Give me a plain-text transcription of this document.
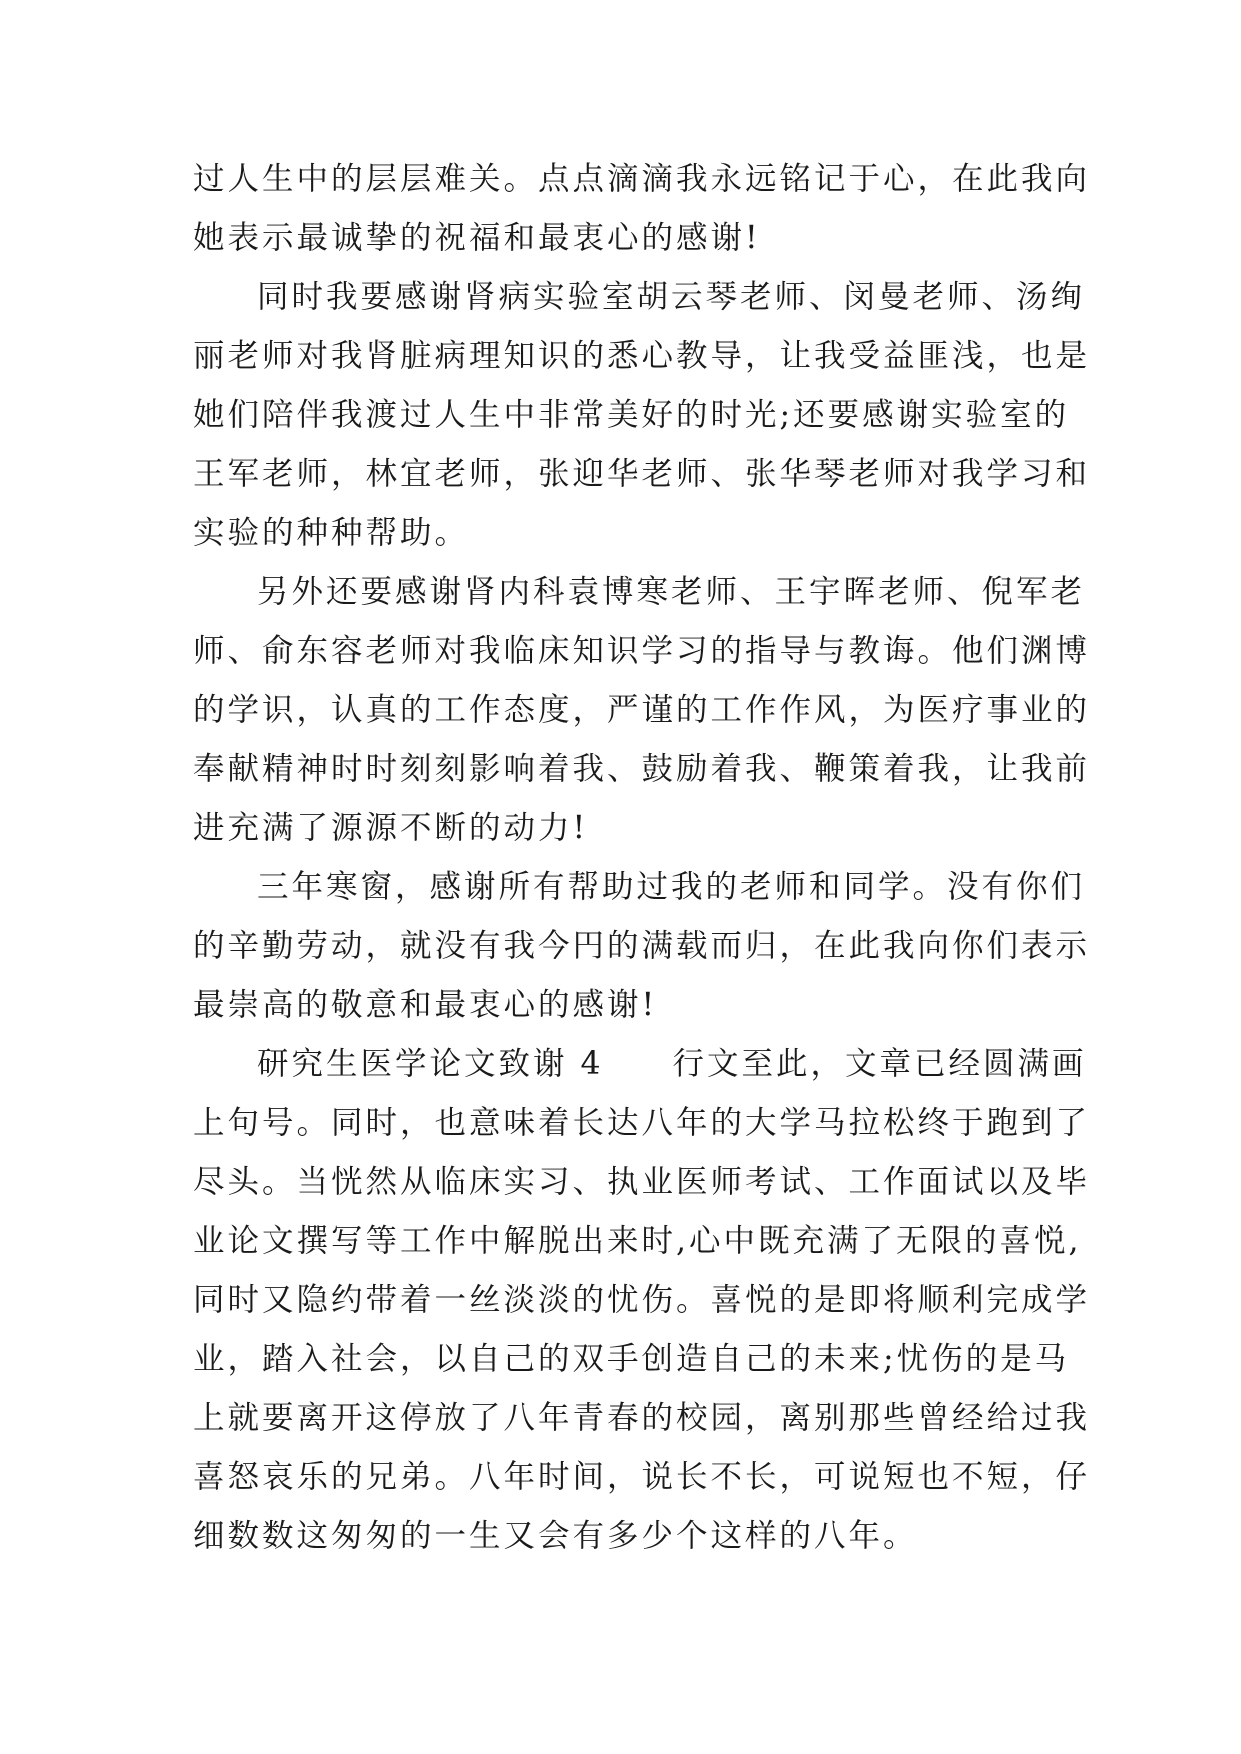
过人生中的层层难关。点点滴滴我永远铭记于心，在此我向
她表示最诚挚的祝福和最衷心的感谢!
同时我要感谢肾病实验室胡云琴老师、闵曼老师、汤绚
丽老师对我肾脏病理知识的悉心教导，让我受益匪浅，也是
她们陪伴我渡过人生中非常美好的时光;还要感谢实验室的
王军老师，林宜老师，张迎华老师、张华琴老师对我学习和
实验的种种帮助。
另外还要感谢肾内科袁博寒老师、王宇晖老师、倪军老
师、俞东容老师对我临床知识学习的指导与教诲。他们渊博
的学识，认真的工作态度，严谨的工作作风，为医疗事业的
奉献精神时时刻刻影响着我、鼓励着我、鞭策着我，让我前
进充满了源源不断的动力!
三年寒窗，感谢所有帮助过我的老师和同学。没有你们
的辛勤劳动，就没有我今円的满载而归，在此我向你们表示
最崇高的敬意和最衷心的感谢!
研究生医学论文致谢 4　　行文至此，文章已经圆满画
上句号。同时，也意味着长达八年的大学马拉松终于跑到了
尽头。当恍然从临床实习、执业医师考试、工作面试以及毕
业论文撰写等工作中解脱出来时,心中既充满了无限的喜悦,
同时又隐约带着一丝淡淡的忧伤。喜悦的是即将顺利完成学
业，踏入社会，以自己的双手创造自己的未来;忧伤的是马
上就要离开这停放了八年青春的校园，离别那些曾经给过我
喜怒哀乐的兄弟。八年时间，说长不长，可说短也不短，仔
细数数这匆匆的一生又会有多少个这样的八年。
